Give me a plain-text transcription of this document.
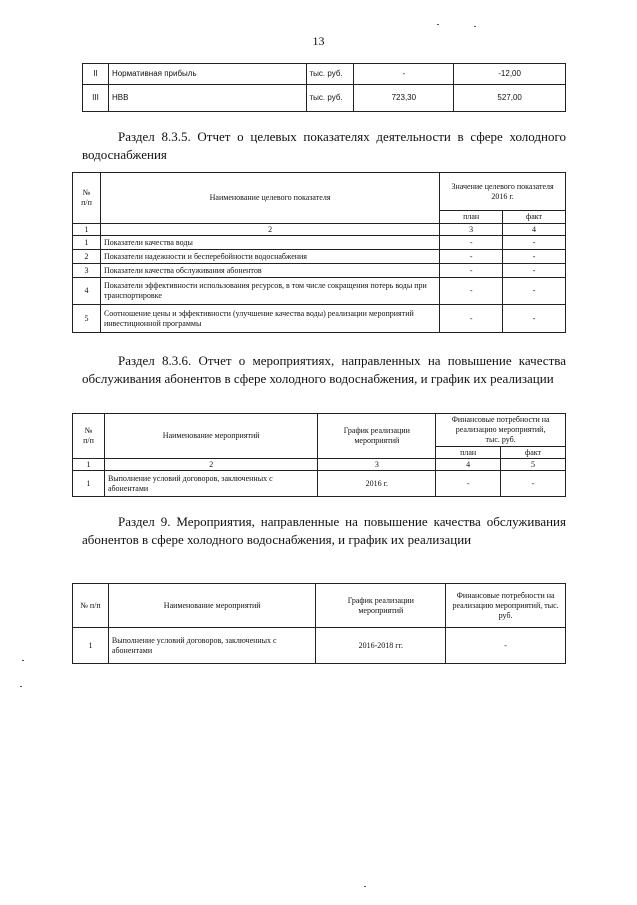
13
II	Нормативная прибыль	тыс. руб.	-	-12,00
III	НВВ	тыс. руб.	723,30	527,00
Раздел 8.3.5. Отчет о целевых показателях деятельности в сфере холодного водоснабжения
№
п/п	Наименование целевого показателя	Значение целевого показателя
2016 г.	
		план	факт
1	2	3	4
1	Показатели качества воды	-	-
2	Показатели надежности и бесперебойности водоснабжения	-	-
3	Показатели качества обслуживания абонентов	-	-
4	Показатели эффективности использования ресурсов, в том числе сокращения потерь воды при транспортировке	-	-
5	Соотношение цены и эффективности (улучшение качества воды) реализации мероприятий инвестиционной программы	-	-
Раздел 8.3.6. Отчет о мероприятиях, направленных на повышение качества обслуживания абонентов в сфере холодного водоснабжения, и график их реализации
№
п/п	Наименование мероприятий	График реализации
мероприятий	Финансовые потребности на реализацию мероприятий,
тыс. руб.	
			план	факт
1	2	3	4	5
1	Выполнение условий договоров, заключенных с абонентами	2016 г.	-	-
Раздел 9. Мероприятия, направленные на повышение качества обслуживания абонентов в сфере холодного водоснабжения, и график их реализации
№ п/п	Наименование мероприятий	График реализации
мероприятий	Финансовые потребности на
реализацию мероприятий, тыс.
руб.
1	Выполнение условий договоров, заключенных с абонентами	2016-2018 гг.	-
